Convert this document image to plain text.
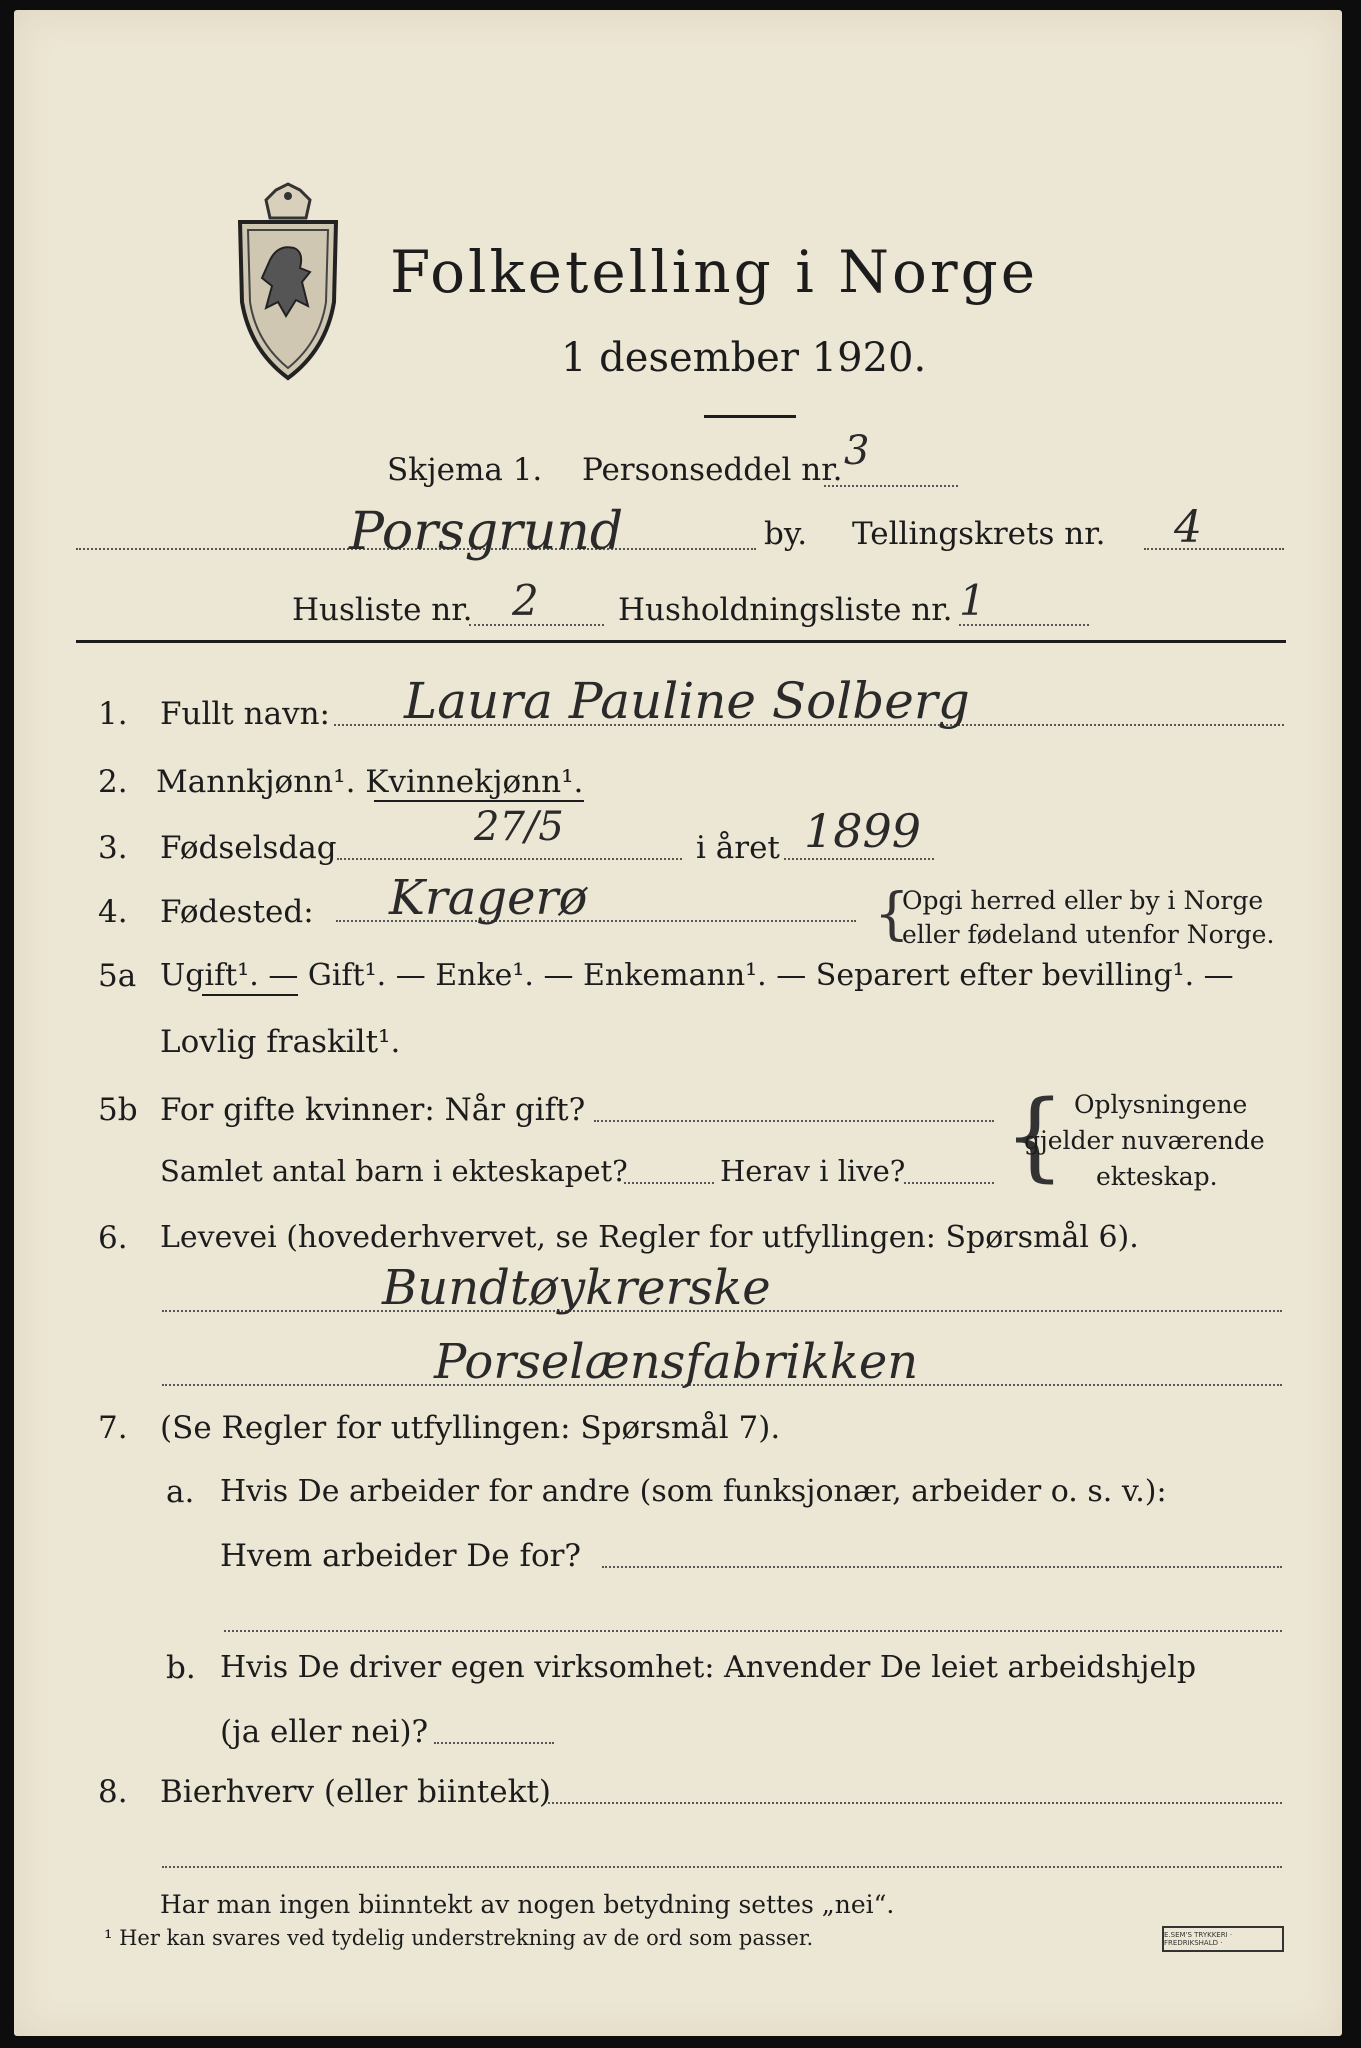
Folketelling i Norge
1 desember 1920.
Skjema 1. Personseddel nr. 3
Porsgrund	by. Tellingskrets nr. 4
Husliste nr. 2	Husholdningsliste nr. 1
1. Fullt navn: Laura Pauline Solberg
2. Mannkjønn¹. Kvinnekjønn¹.
3. Fødselsdag	27/5	i året 1899
4. Fødested: Kragerø	{
Opgi herred eller by i Norge
eller fødeland utenfor Norge.
5a Ugift¹. — Gift¹. — Enke¹. — Enkemann¹. — Separert efter bevilling¹. —
Lovlig fraskilt¹.
5b For gifte kvinner: Når gift?
Samlet antal barn i ekteskapet?	Herav i live? { Oplysningene
gjelder nuværende
ekteskap.
6. Levevei (hovederhvervet, se Regler for utfyllingen: Spørsmål 6).
Bundtøykrerske
Porselænsfabrikken
7. (Se Regler for utfyllingen: Spørsmål 7).
a. Hvis De arbeider for andre (som funksjonær, arbeider o. s. v.):
Hvem arbeider De for?
b. Hvis De driver egen virksomhet: Anvender De leiet arbeidshjelp
(ja eller nei)?
8. Bierhverv (eller biintekt)
Har man ingen biinntekt av nogen betydning settes „nei“.
¹ Her kan svares ved tydelig understrekning av de ord som passer.	E.SEM'S TRYKKERI · FREDRIKSHALD ·
